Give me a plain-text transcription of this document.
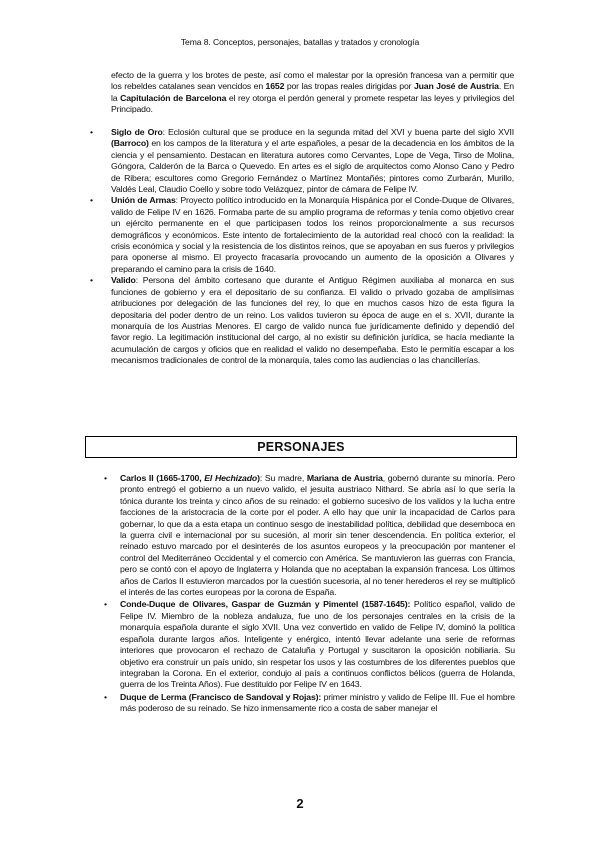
Tema 8. Conceptos, personajes, batallas y tratados y cronología
efecto de la guerra y los brotes de peste, así como el malestar por la opresión francesa van a permitir que los rebeldes catalanes sean vencidos en 1652 por las tropas reales dirigidas por Juan José de Austria. En la Capitulación de Barcelona el rey otorga el perdón general y promete respetar las leyes y privilegios del Principado.
•	Siglo de Oro: Eclosión cultural que se produce en la segunda mitad del XVI y buena parte del siglo XVII (Barroco) en los campos de la literatura y el arte españoles, a pesar de la decadencia en los ámbitos de la ciencia y el pensamiento. Destacan en literatura autores como Cervantes, Lope de Vega, Tirso de Molina, Góngora, Calderón de la Barca o Quevedo. En artes es el siglo de arquitectos como Alonso Cano y Pedro de Ribera; escultores como Gregorio Fernández o Martínez Montañés; pintores como Zurbarán, Murillo, Valdés Leal, Claudio Coello y sobre todo Velázquez, pintor de cámara de Felipe IV.
•	Unión de Armas: Proyecto político introducido en la Monarquía Hispánica por el Conde-Duque de Olivares, valido de Felipe IV en 1626. Formaba parte de su amplio programa de reformas y tenía como objetivo crear un ejército permanente en el que participasen todos los reinos proporcionalmente a sus recursos demográficos y económicos. Este intento de fortalecimiento de la autoridad real chocó con la realidad: la crisis económica y social y la resistencia de los distintos reinos, que se apoyaban en sus fueros y privilegios para oponerse al mismo. El proyecto fracasaría provocando un aumento de la oposición a Olivares y preparando el camino para la crisis de 1640.
•	Valido: Persona del ámbito cortesano que durante el Antiguo Régimen auxiliaba al monarca en sus funciones de gobierno y era el depositario de su confianza. El valido o privado gozaba de amplísimas atribuciones por delegación de las funciones del rey, lo que en muchos casos hizo de esta figura la depositaria del poder dentro de un reino. Los validos tuvieron su época de auge en el s. XVII, durante la monarquía de los Austrias Menores. El cargo de valido nunca fue jurídicamente definido y dependió del favor regio. La legitimación institucional del cargo, al no existir su definición jurídica, se hacía mediante la acumulación de cargos y oficios que en realidad el valido no desempeñaba. Esto le permitía escapar a los mecanismos tradicionales de control de la monarquía, tales como las audiencias o las chancillerías.
PERSONAJES
•	Carlos II (1665-1700, El Hechizado): Su madre, Mariana de Austria, gobernó durante su minoría. Pero pronto entregó el gobierno a un nuevo valido, el jesuita austriaco Nithard. Se abría así lo que sería la tónica durante los treinta y cinco años de su reinado: el gobierno sucesivo de los validos y la lucha entre facciones de la aristocracia de la corte por el poder. A ello hay que unir la incapacidad de Carlos para gobernar, lo que da a esta etapa un continuo sesgo de inestabilidad política, debilidad que desemboca en la guerra civil e internacional por su sucesión, al morir sin tener descendencia. En política exterior, el reinado estuvo marcado por el desinterés de los asuntos europeos y la preocupación por mantener el control del Mediterráneo Occidental y el comercio con América. Se mantuvieron las guerras con Francia, pero se contó con el apoyo de Inglaterra y Holanda que no aceptaban la expansión francesa. Los últimos años de Carlos II estuvieron marcados por la cuestión sucesoria, al no tener herederos el rey se multiplicó el interés de las cortes europeas por la corona de España.
•	Conde-Duque de Olivares, Gaspar de Guzmán y Pimentel (1587-1645): Político español, valido de Felipe IV. Miembro de la nobleza andaluza, fue uno de los personajes centrales en la crisis de la monarquía española durante el siglo XVII. Una vez convertido en valido de Felipe IV, dominó la política española durante largos años. Inteligente y enérgico, intentó llevar adelante una serie de reformas interiores que provocaron el rechazo de Cataluña y Portugal y suscitaron la oposición nobiliaria. Su objetivo era construir un país unido, sin respetar los usos y las costumbres de los diferentes pueblos que integraban la Corona. En el exterior, condujo al país a continuos conflictos bélicos (guerra de Holanda, guerra de los Treinta Años). Fue destituido por Felipe IV en 1643.
•	Duque de Lerma (Francisco de Sandoval y Rojas): primer ministro y valido de Felipe III. Fue el hombre más poderoso de su reinado. Se hizo inmensamente rico a costa de saber manejar el
2
